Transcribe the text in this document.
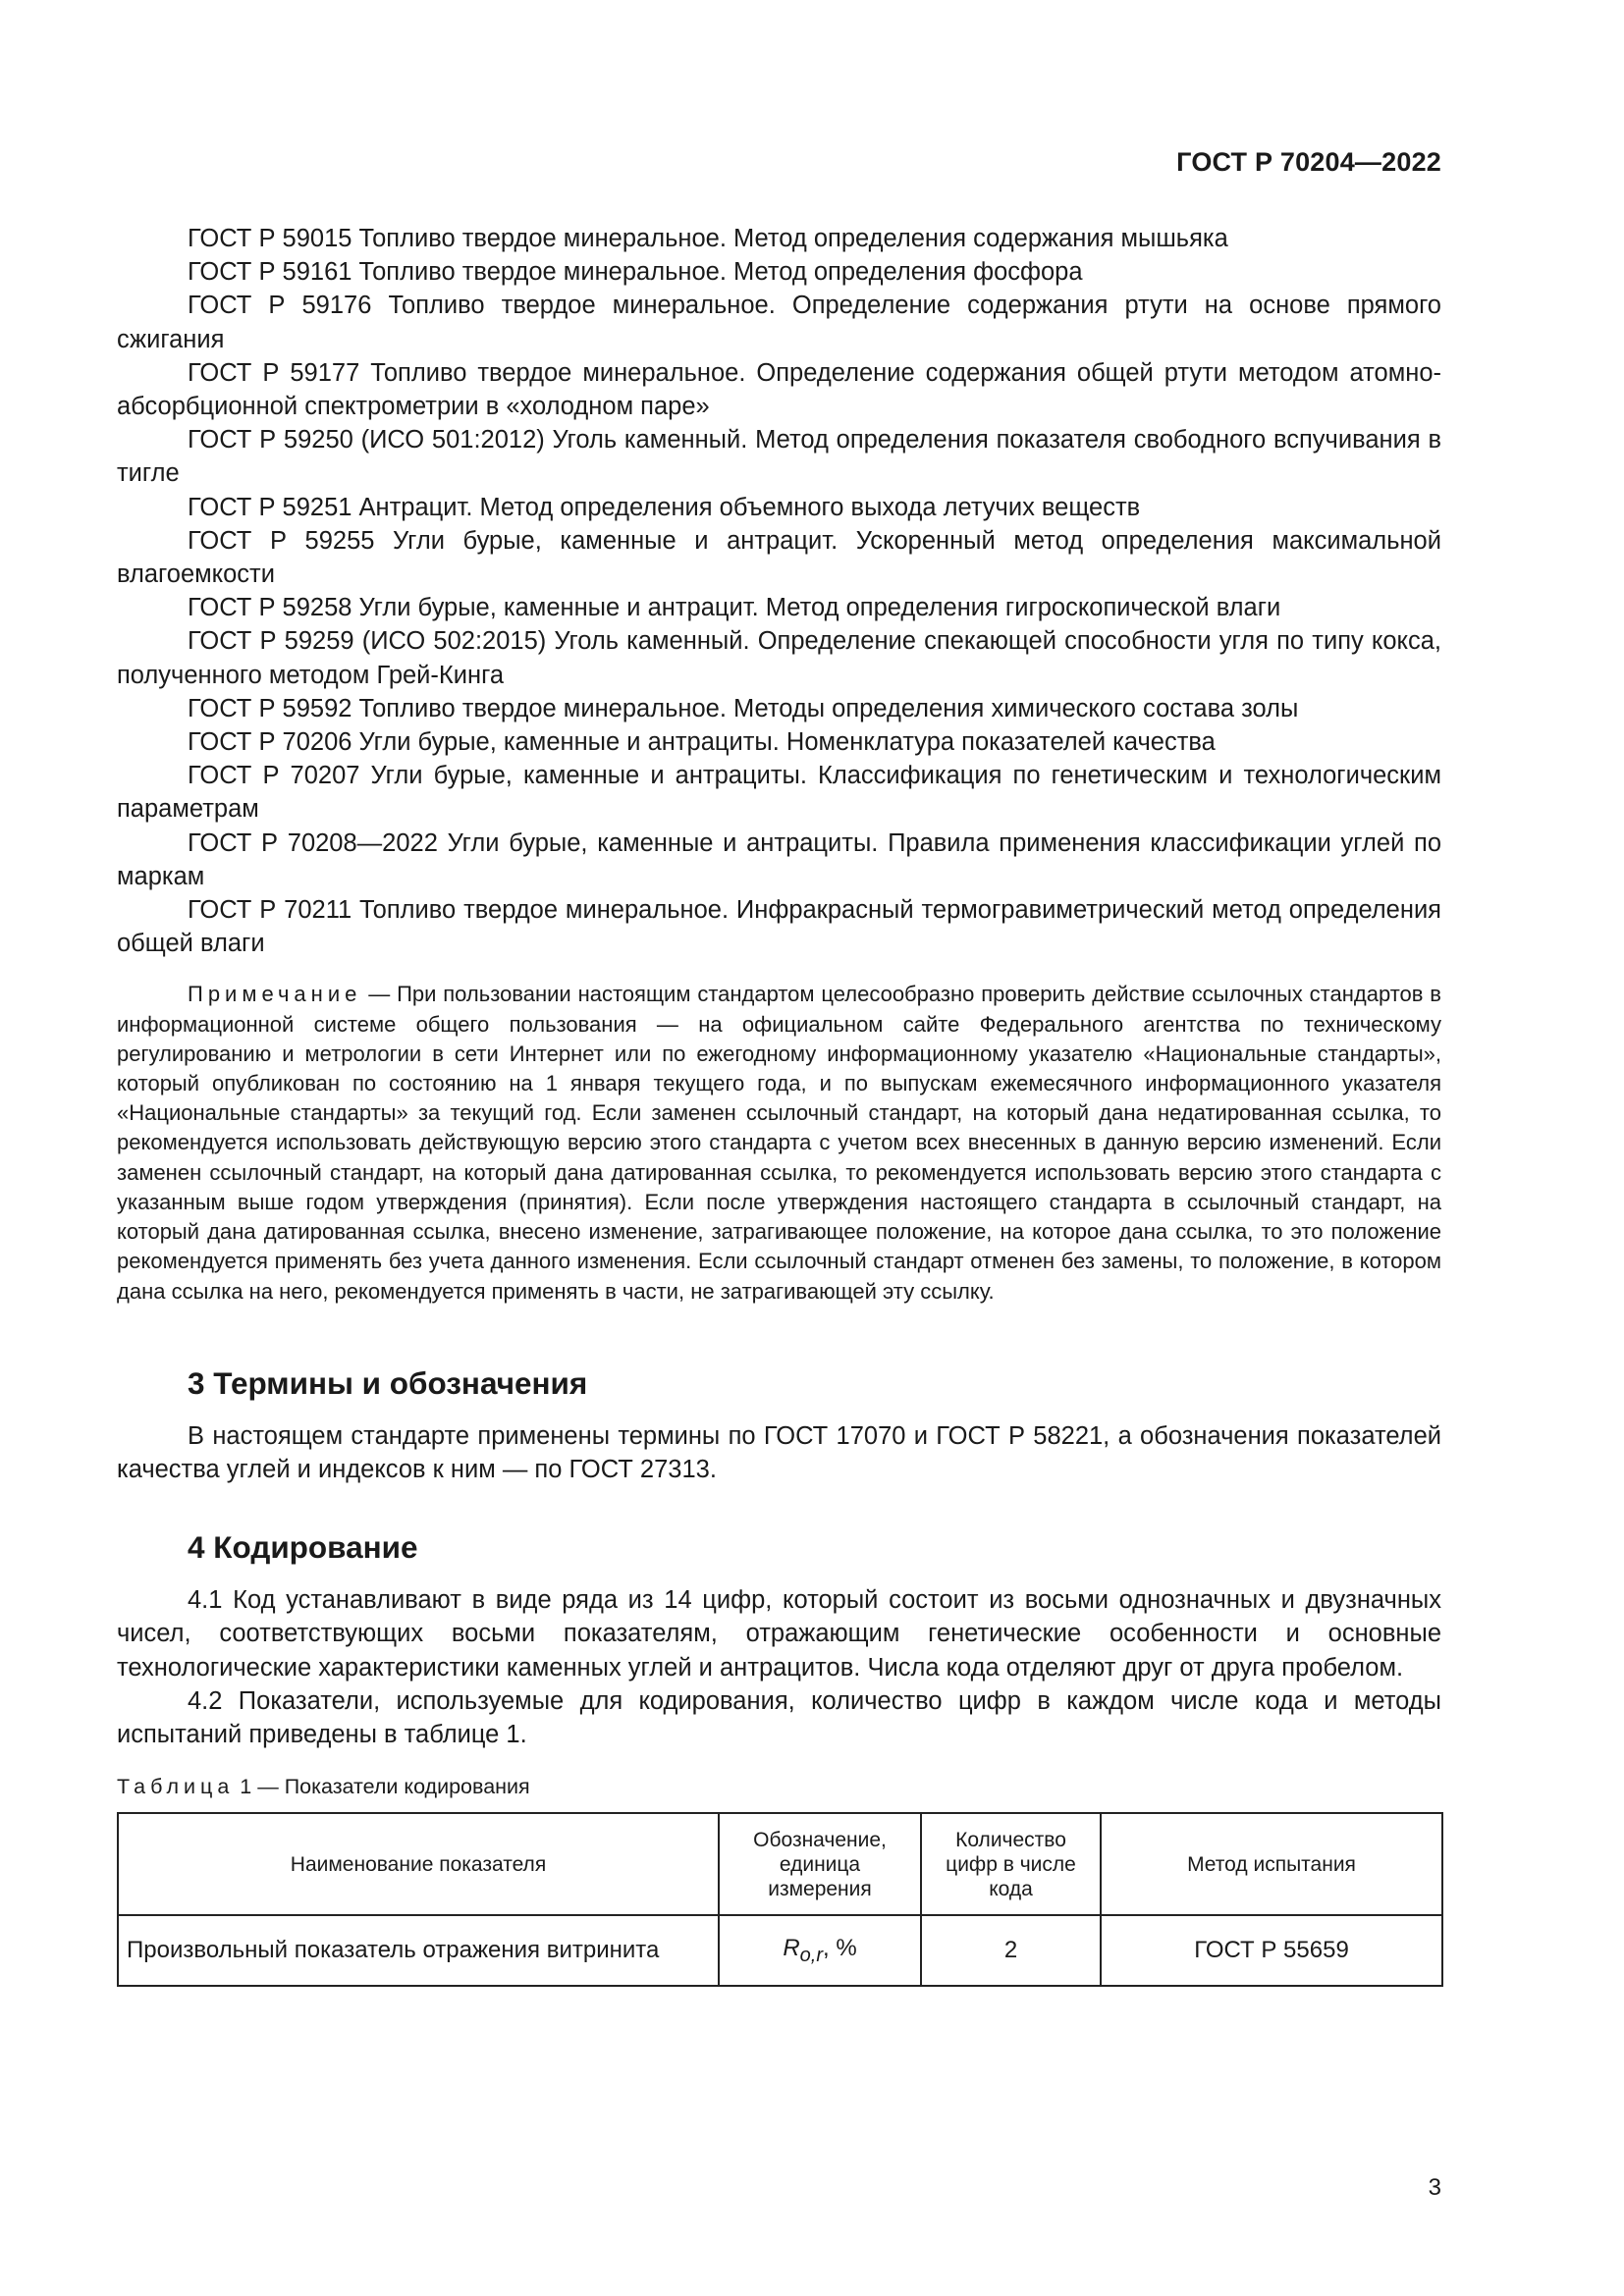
ГОСТ Р 70204—2022

ГОСТ Р 59015 Топливо твердое минеральное. Метод определения содержания мышьяка

ГОСТ Р 59161 Топливо твердое минеральное. Метод определения фосфора

ГОСТ Р 59176 Топливо твердое минеральное. Определение содержания ртути на основе прямого сжигания

ГОСТ Р 59177 Топливо твердое минеральное. Определение содержания общей ртути методом атомно-абсорбционной спектрометрии в «холодном паре»

ГОСТ Р 59250 (ИСО 501:2012) Уголь каменный. Метод определения показателя свободного вспучивания в тигле

ГОСТ Р 59251 Антрацит. Метод определения объемного выхода летучих веществ

ГОСТ Р 59255 Угли бурые, каменные и антрацит. Ускоренный метод определения максимальной влагоемкости

ГОСТ Р 59258 Угли бурые, каменные и антрацит. Метод определения гигроскопической влаги

ГОСТ Р 59259 (ИСО 502:2015) Уголь каменный. Определение спекающей способности угля по типу кокса, полученного методом Грей-Кинга

ГОСТ Р 59592 Топливо твердое минеральное. Методы определения химического состава золы

ГОСТ Р 70206 Угли бурые, каменные и антрациты. Номенклатура показателей качества

ГОСТ Р 70207 Угли бурые, каменные и антрациты. Классификация по генетическим и технологическим параметрам

ГОСТ Р 70208—2022 Угли бурые, каменные и антрациты. Правила применения классификации углей по маркам

ГОСТ Р 70211 Топливо твердое минеральное. Инфракрасный термогравиметрический метод определения общей влаги

Примечание — При пользовании настоящим стандартом целесообразно проверить действие ссылочных стандартов в информационной системе общего пользования — на официальном сайте Федерального агентства по техническому регулированию и метрологии в сети Интернет или по ежегодному информационному указателю «Национальные стандарты», который опубликован по состоянию на 1 января текущего года, и по выпускам ежемесячного информационного указателя «Национальные стандарты» за текущий год. Если заменен ссылочный стандарт, на который дана недатированная ссылка, то рекомендуется использовать действующую версию этого стандарта с учетом всех внесенных в данную версию изменений. Если заменен ссылочный стандарт, на который дана датированная ссылка, то рекомендуется использовать версию этого стандарта с указанным выше годом утверждения (принятия). Если после утверждения настоящего стандарта в ссылочный стандарт, на который дана датированная ссылка, внесено изменение, затрагивающее положение, на которое дана ссылка, то это положение рекомендуется применять без учета данного изменения. Если ссылочный стандарт отменен без замены, то положение, в котором дана ссылка на него, рекомендуется применять в части, не затрагивающей эту ссылку.
3 Термины и обозначения

В настоящем стандарте применены термины по ГОСТ 17070 и ГОСТ Р 58221, а обозначения показателей качества углей и индексов к ним — по ГОСТ 27313.

4 Кодирование

4.1 Код устанавливают в виде ряда из 14 цифр, который состоит из восьми однозначных и двузначных чисел, соответствующих восьми показателям, отражающим генетические особенности и основные технологические характеристики каменных углей и антрацитов. Числа кода отделяют друг от друга пробелом.

4.2 Показатели, используемые для кодирования, количество цифр в каждом числе кода и методы испытаний приведены в таблице 1.

Таблица 1 — Показатели кодирования
Наименование показателя	Обозначение, единица измерения	Количество цифр в числе кода	Метод испытания
Произвольный показатель отражения витринита	$R_{o,r}$, %	2	ГОСТ Р 55659
3
